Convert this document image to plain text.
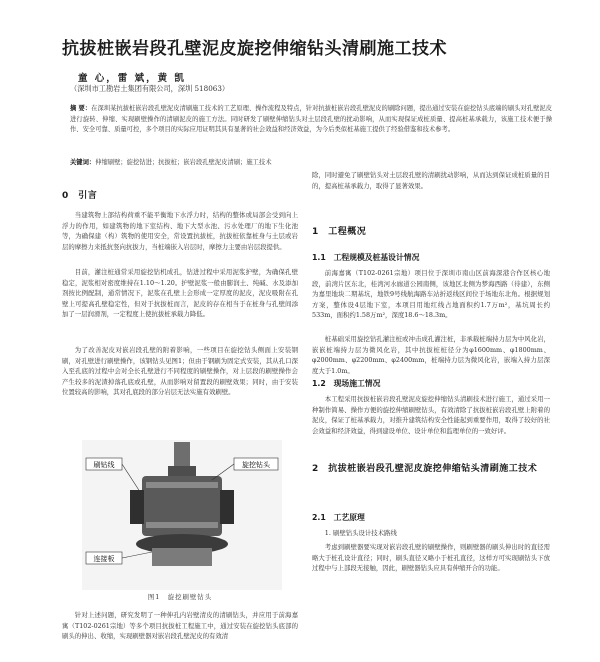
抗拔桩嵌岩段孔壁泥皮旋挖伸缩钻头清刷施工技术
童 心，雷 斌，黄 凯
（深圳市工勘岩土集团有限公司，深圳 518063）
摘 要：在深圳某抗拔桩嵌岩段孔壁泥皮清刷施工技术的工艺原理、操作流程及特点，针对抗拔桩嵌岩段孔壁泥皮的刷除问题，提出通过安装在旋挖钻头底端的刷头对孔壁泥皮进行旋转、伸缩、实现刷壁操作的清刷泥皮的施工方法。同时研发了刷壁伸缩钻头对土层段孔壁的扰动影响，从而实现保证成桩质量、提高桩基承载力，该施工技术便于操作、安全可靠、质量可控，多个项目的实际应用证明其具有显著的社会效益和经济效益，为今后类似桩基施工提供了经验借鉴和技术参考。
关键词：伸缩刷壁；旋挖钻进；抗拔桩；嵌岩段孔壁泥皮清刷；施工技术
0　引言
当建筑物上部结构荷重不能平衡地下水浮力时，结构的整体或局部会受到向上浮力的作用，如建筑物的地下室结构、地下大型水池、污水处理厂的地下生化池等，为确保建（构）筑物的使用安全，常设置抗拔桩，抗拔桩依靠桩身与土层或岩层的摩擦力来抵抗竖向抗拔力，当桩端嵌入岩层时，摩擦力主要由岩层段提供。
目前，灌注桩通常采用旋挖钻机成孔，钻进过程中采用泥浆护壁，为确保孔壁稳定，泥浆相对密度维持在1.10～1.20。护壁泥浆一般由膨润土、纯碱、水及添加剂按比例配制，通常情况下，泥浆在孔壁上会形成一定厚度的泥皮，泥皮吸附在孔壁上可提高孔壁稳定性，但对于抗拔桩而言，泥皮的存在相当于在桩身与孔壁间添加了一层润滑剂，一定程度上使抗拔桩承载力降低。
为了改善泥皮对嵌岩段孔壁的附着影响，一些项目在旋挖钻头侧面上安装钢刷，对孔壁进行刷壁操作，该钢钻头见图1；但由于钢刷为固定式安装，其从孔口深入至孔底的过程中会对全长孔壁进行不同程度的刷壁操作，对上层段的刷壁操作会产生较多的泥渣掉落孔底或孔壁，从而影响对留置段的刷壁效果；同时，由于安装位置较高的影响，其对孔底段的部分岩层无法实施有效刷壁。
刷钻线	旋挖钻头
连接板
图1　旋挖刷壁钻头
针对上述问题，研究发明了一种伸孔内岩壁清皮的清刷钻头，并应用于前海嘉寓（T102-0261宗地）等多个项目抗拔桩工程施工中，通过安装在旋挖钻头底部的刷头的伸出、收缩，实现刷壁器对嵌岩段孔壁泥皮的有效清
除，同时避免了刷壁钻头对土层段孔壁的清刷扰动影响，从而达到保证成桩质量的目的，提高桩基承载力，取得了显著效果。
1　工程概况
1.1　工程规模及桩基设计情况
前海嘉寓（T102-0261宗地）项目位于深圳市南山区前海深港合作区核心地段，前湾片区东北，桂湾河水廊道公园南侧，该地区北侧为梦海西路（待建），东侧为嘉里地块二期基坑，地铁9号线航海路车站折返线区间位于场地东北角。根据规划方案，整体设4层地下室，本项目用地红线占地面积约1.7万m²，基坑周长约533m，面积约1.58万m²，深度18.6～18.3m。
桩基础采用旋挖钻孔灌注桩或冲击成孔灌注桩，非承载桩端持力层为中风化岩，嵌嵌桩端持力层为微风化岩，其中抗拔桩桩径分为φ1600mm、φ1800mm、φ2000mm、φ2200mm、φ2400mm，桩端持力层为微风化岩，嵌端入持力层深度大于1.0m。
1.2　现场施工情况
本工程采用抗拔桩嵌岩段孔壁泥皮旋挖伸缩钻头清刷技术进行施工，通过采用一种制作简易、操作方便的旋挖伸缩刷壁钻头，有效清除了抗拔桩嵌岩段孔壁上附着的泥皮，保证了桩基承载力，对推升建筑结构安全性能起到重要作用，取得了较好的社会效益和经济效益，得到建设单位、设计单位和监理单位的一致好评。
2　抗拔桩嵌岩段孔壁泥皮旋挖伸缩钻头清刷施工技术
2.1　工艺原理
1. 刷壁钻头设计技术路线
考虑到刷壁器要实现对嵌岩段孔壁的刷壁操作，则刷壁器的刷头伸出时的直径需略大于桩孔设计直径；同时，刷头直径又略小于桩孔直径，这样方可实现刷钻头下放过程中与上部段无接触，因此，刷壁器钻头应具有伸缩开合的功能。
